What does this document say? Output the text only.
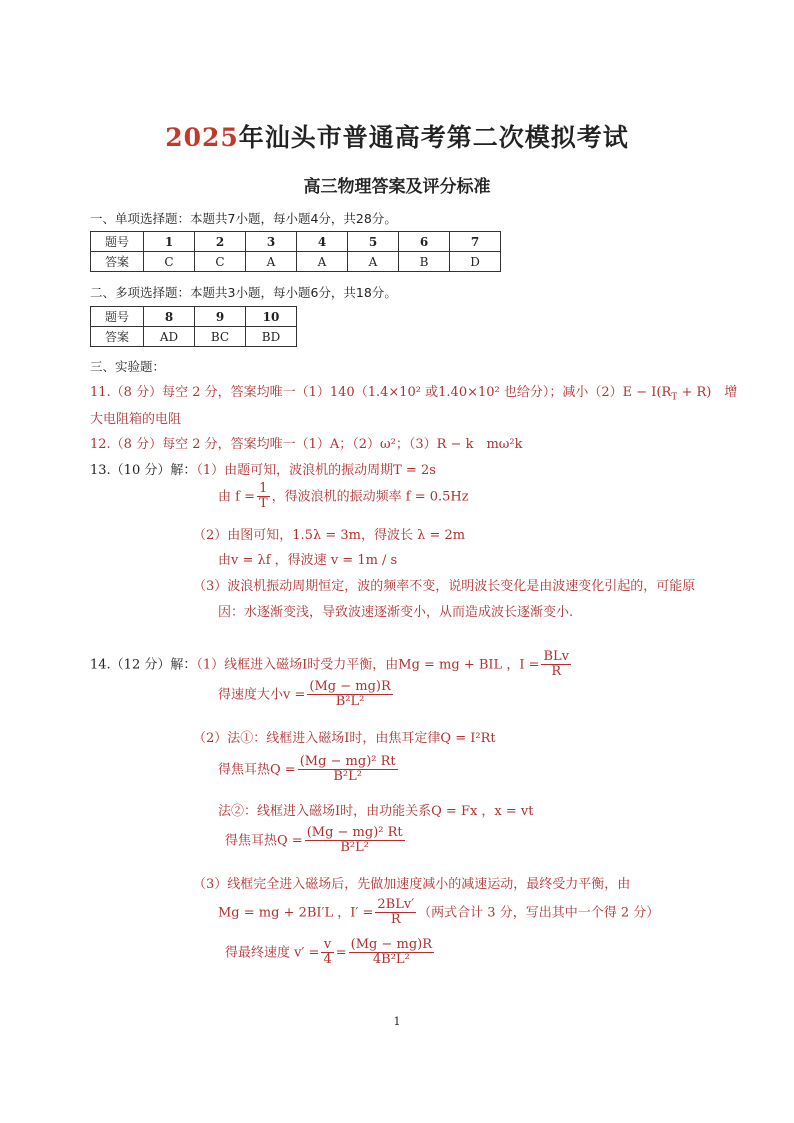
2025年汕头市普通高考第二次模拟考试
高三物理答案及评分标准
一、单项选择题：本题共7小题，每小题4分，共28分。
题号	1	2	3	4	5	6	7
答案	C	C	A	A	A	B	D
二、多项选择题：本题共3小题，每小题6分，共18分。
题号	8	9	10
答案	AD	BC	BD
三、实验题：
11.（8 分）每空 2 分，答案均唯一（1）140（1.4×10² 或1.40×10² 也给分）；减小$(2)E - I(R_T + R)$　增
大电阻箱的电阻
12.（8 分）每空 2 分，答案均唯一（1）A；（2）ω²；（3）R − k　mω²k
13.（10 分）解：（1）由题可知，波浪机的振动周期T = 2s
由 $f = \frac{1}{T}$ ，得波浪机的振动频率 f = 0.5Hz
（2）由图可知，1.5λ = 3m，得波长 λ = 2m
由v = λf ，得波速 v = 1m / s
（3）波浪机振动周期恒定，波的频率不变，说明波长变化是由波速变化引起的，可能原
因：水逐渐变浅，导致波速逐渐变小，从而造成波长逐渐变小.
14.（12 分）解：（1）线框进入磁场Ⅰ时受力平衡，由Mg = mg + BIL ，$I = \frac{\text{BLv}}{R}$
得速度大小$v = \frac{(Mg - mg)R}{\text{B²L²}}$
（2）法①：线框进入磁场Ⅰ时，由焦耳定律Q = I²Rt
得焦耳热$Q = \frac{\text{(Mg − mg)² Rt}}{\text{B²L²}}$
法②：线框进入磁场Ⅰ时，由功能关系Q = Fx ，x = vt
得焦耳热$Q = \frac{\text{(Mg − mg)² Rt}}{\text{B²L²}}$
（3）线框完全进入磁场后，先做加速度减小的减速运动，最终受力平衡，由
Mg = mg + 2BI′L ，$I' = \frac{\text{2BLv′}}{R}$ （两式合计 3 分，写出其中一个得 2 分）
得最终速度 $v' = \frac{v}{4} = \frac{(Mg - mg)R}{\text{4B²L²}}$
1
